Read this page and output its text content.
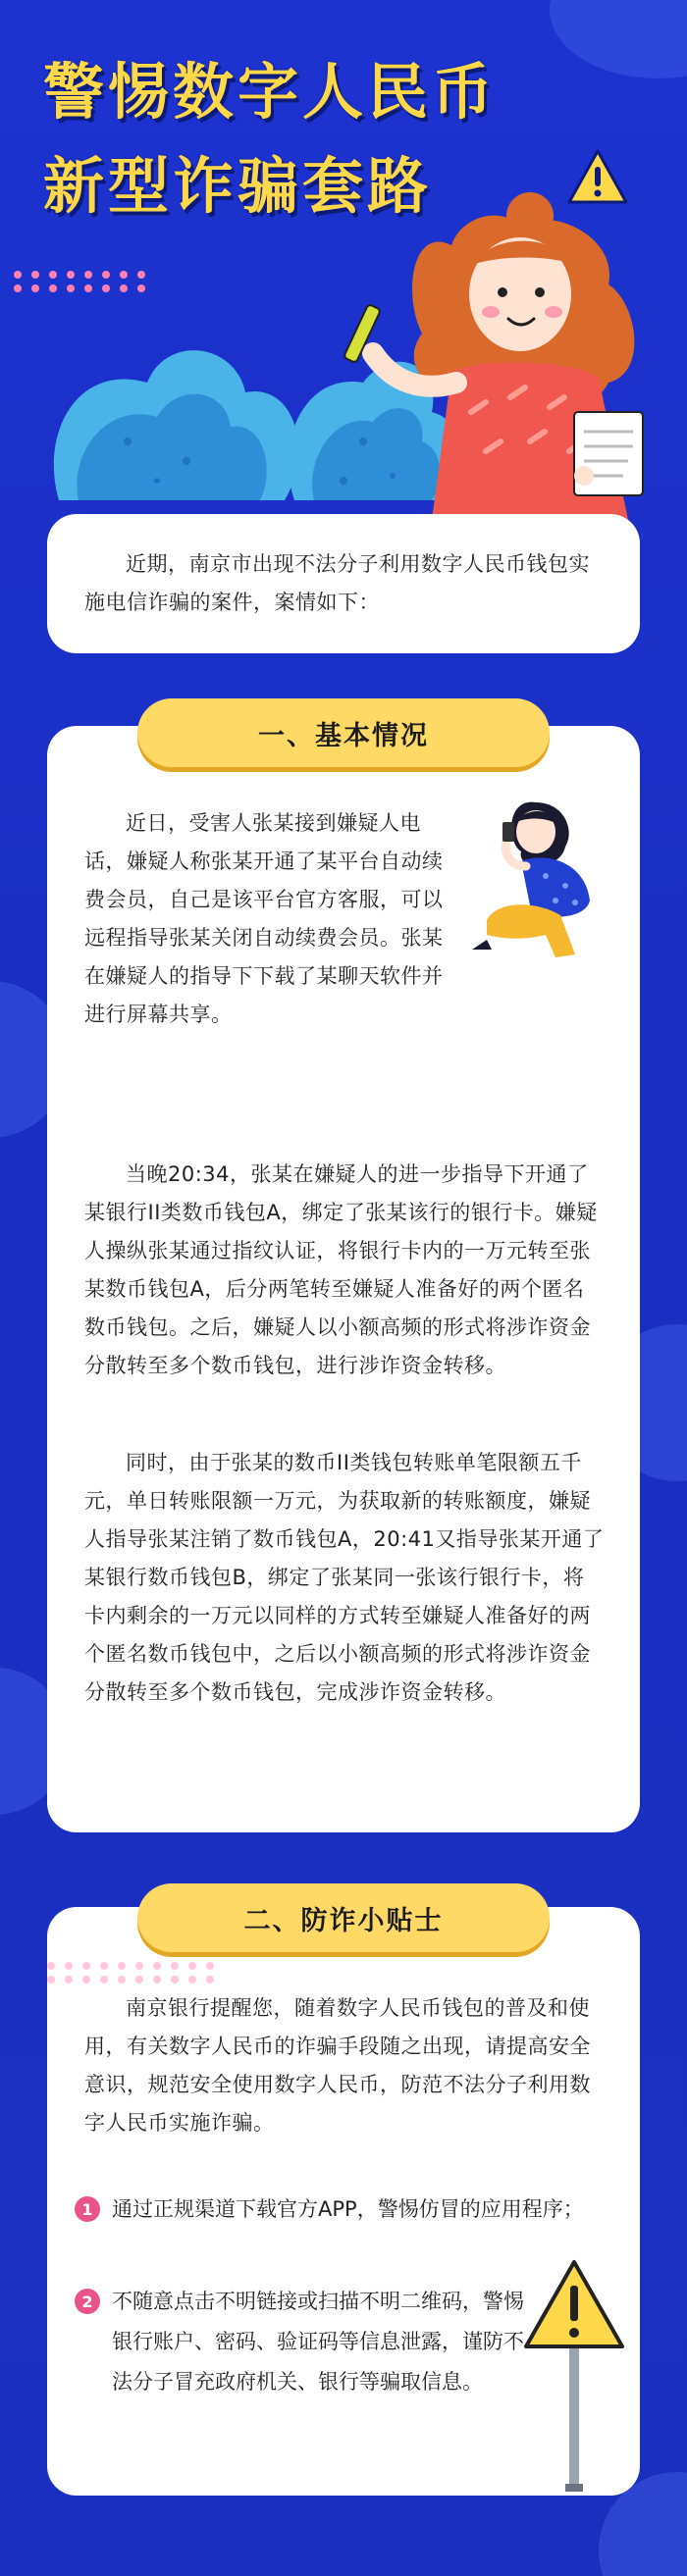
警惕数字人民币
新型诈骗套路

近期，南京市出现不法分子利用数字人民币钱包实施电信诈骗的案件，案情如下：

近日，受害人张某接到嫌疑人电话，嫌疑人称张某开通了某平台自动续费会员，自己是该平台官方客服，可以远程指导张某关闭自动续费会员。张某在嫌疑人的指导下下载了某聊天软件并进行屏幕共享。

当晚20:34，张某在嫌疑人的进一步指导下开通了某银行II类数币钱包A，绑定了张某该行的银行卡。嫌疑人操纵张某通过指纹认证，将银行卡内的一万元转至张某数币钱包A，后分两笔转至嫌疑人准备好的两个匿名数币钱包。之后，嫌疑人以小额高频的形式将涉诈资金分散转至多个数币钱包，进行涉诈资金转移。

同时，由于张某的数币II类钱包转账单笔限额五千元，单日转账限额一万元，为获取新的转账额度，嫌疑人指导张某注销了数币钱包A，20:41又指导张某开通了某银行数币钱包B，绑定了张某同一张该行银行卡，将卡内剩余的一万元以同样的方式转至嫌疑人准备好的两个匿名数币钱包中，之后以小额高频的形式将涉诈资金分散转至多个数币钱包，完成涉诈资金转移。

一、基本情况

南京银行提醒您，随着数字人民币钱包的普及和使用，有关数字人民币的诈骗手段随之出现，请提高安全意识，规范安全使用数字人民币，防范不法分子利用数字人民币实施诈骗。

二、防诈小贴士
1 通过正规渠道下载官方APP，警惕仿冒的应用程序；
2 不随意点击不明链接或扫描不明二维码，警惕银行账户、密码、验证码等信息泄露，谨防不法分子冒充政府机关、银行等骗取信息。
